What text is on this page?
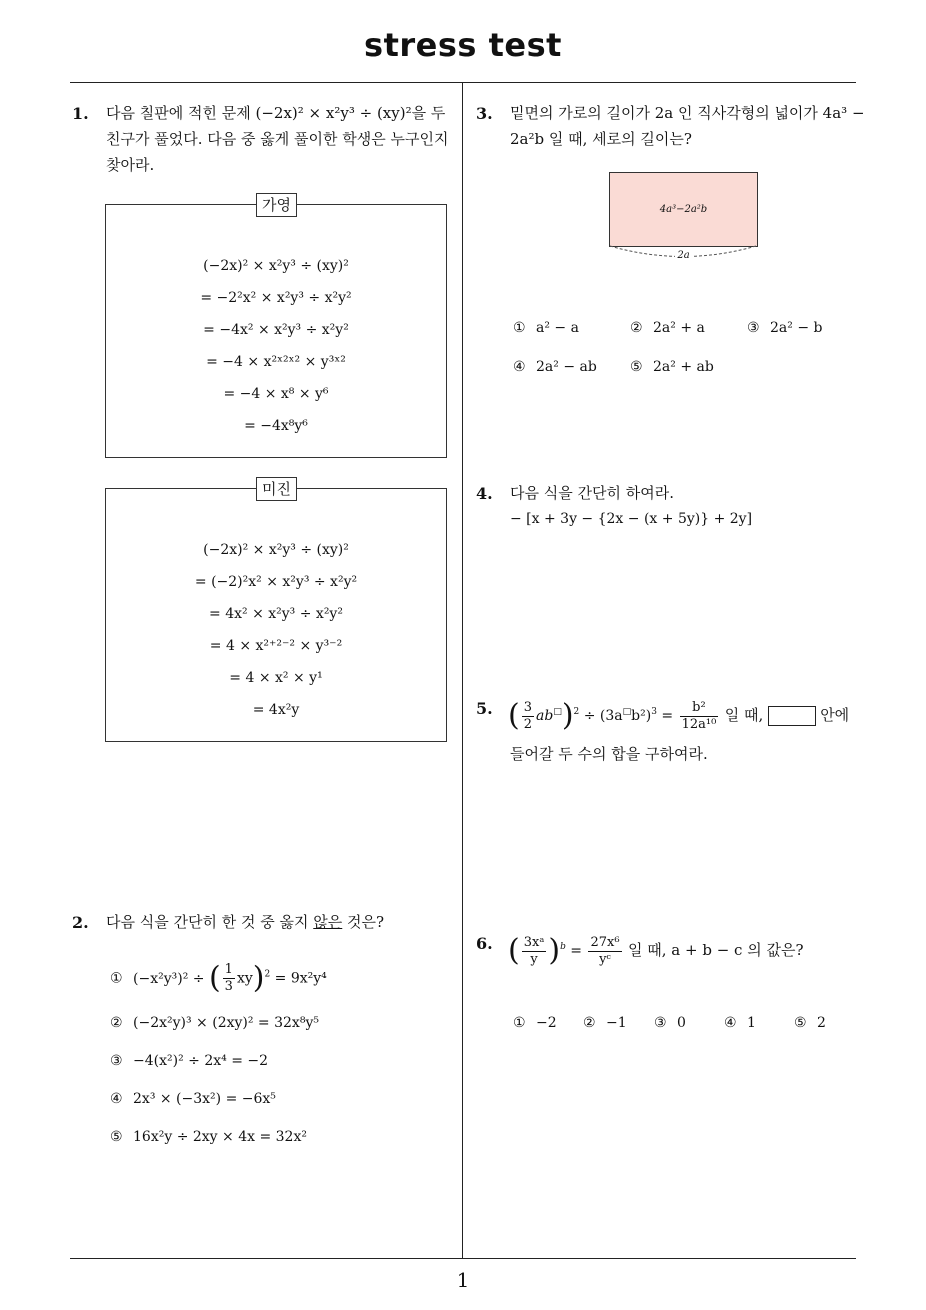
stress test
1
1. 다음 칠판에 적힌 문제 (−2x)² × x²y³ ÷ (xy)²을 두
친구가 풀었다. 다음 중 옳게 풀이한 학생은 누구인지
찾아라.
가영
(−2x)² × x²y³ ÷ (xy)²
= −2²x² × x²y³ ÷ x²y²
= −4x² × x²y³ ÷ x²y²
= −4 × x²ˣ²ˣ² × y³ˣ²
= −4 × x⁸ × y⁶
= −4x⁸y⁶
미진
(−2x)² × x²y³ ÷ (xy)²
= (−2)²x² × x²y³ ÷ x²y²
= 4x² × x²y³ ÷ x²y²
= 4 × x²⁺²⁻² × y³⁻²
= 4 × x² × y¹
= 4x²y
2. 다음 식을 간단히 한 것 중 옳지 않은 것은?
① (−x²y³)² ÷ ( $\frac{1}{3} xy)^2 = 9x^2y^4$
② (−2x²y)³ × (2xy)² = 32x⁸y⁵
③ −4(x²)² ÷ 2x⁴ = −2
④ 2x³ × (−3x²) = −6x⁵
⑤ 16x²y ÷ 2xy × 4x = 32x²
3. 밑면의 가로의 길이가 2a 인 직사각형의 넓이가 4a³ −
2a²b 일 때, 세로의 길이는?
4a³−2a²b
2a
① a² − a	② 2a² + a	③ 2a² − b
④ 2a² − ab ⑤ 2a² + ab
4. 다음 식을 간단히 하여라.
− [x + 3y − {2x − (x + 5y)} + 2y]
5. ( $\frac{3}{2} ab^□)^2 \div (3a^□b^2)^3 = \frac{\text{b²}}{\text{12a¹⁰}}$ 일 때,	안에
들어갈 두 수의 합을 구하여라.
6. ( $\frac{\text{3xᵃ}}{y} )^b = \frac{\text{27x⁶}}{\text{yᶜ}}$ 일 때, a + b − c 의 값은?
① −2 ② −1 ③ 0	④ 1	⑤ 2
